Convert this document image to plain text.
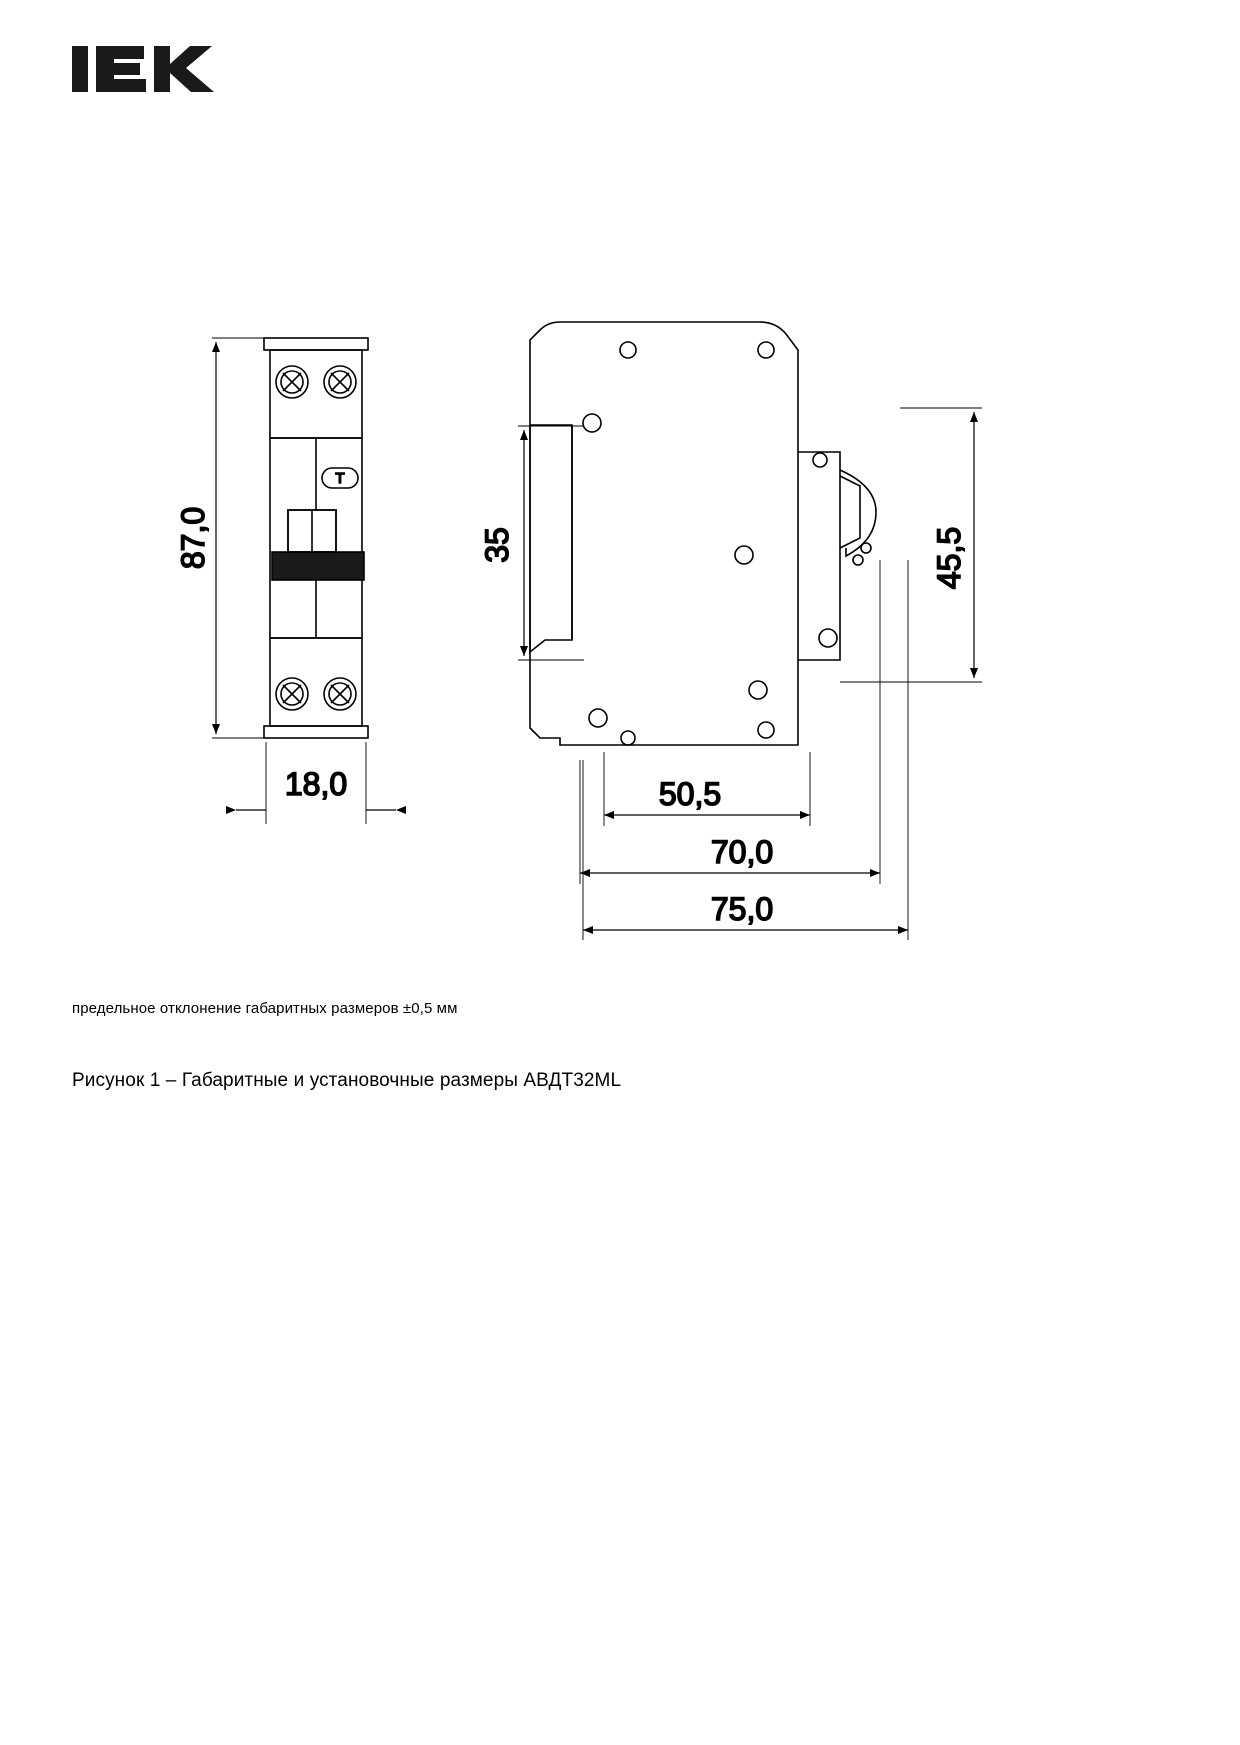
T
87,0
18,0
35	45,5
50,5
70,0
75,0
предельное отклонение габаритных размеров ±0,5 мм
Рисунок 1 – Габаритные и установочные размеры АВДТ32ML
